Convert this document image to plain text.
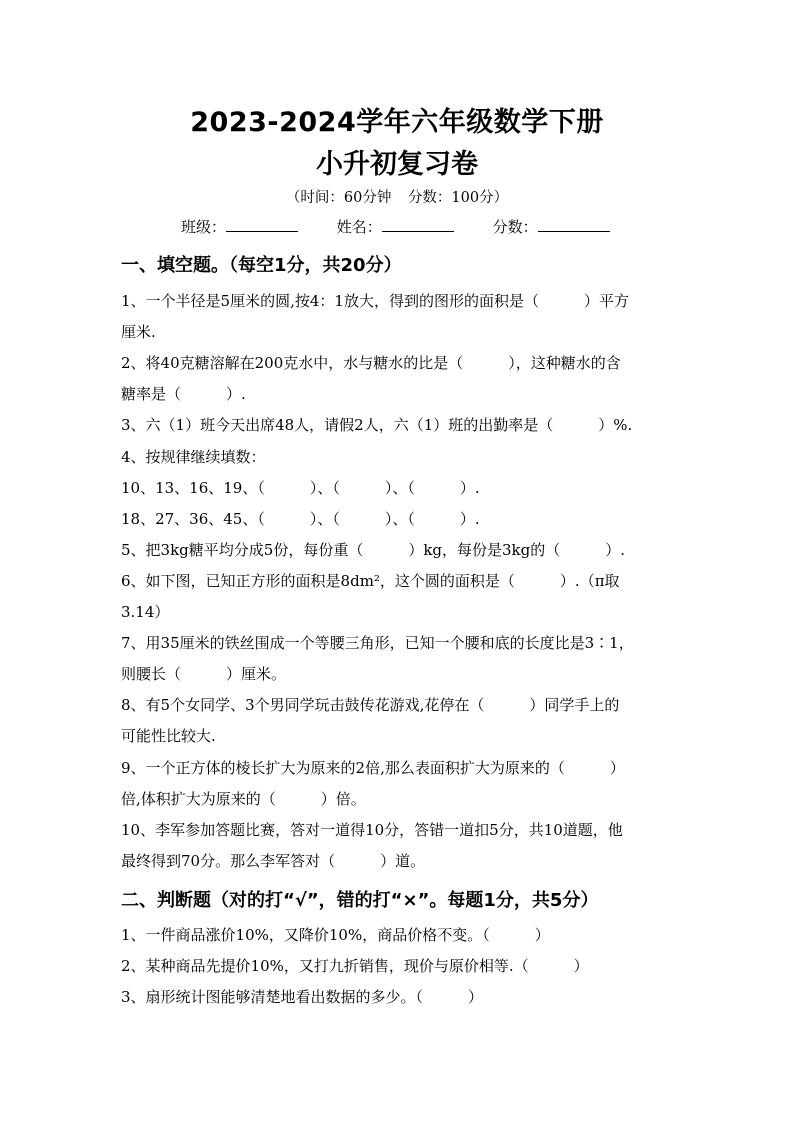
2023-2024学年六年级数学下册
小升初复习卷
（时间：60分钟 分数：100分）
班级：	姓名：	分数：
一、填空题。（每空1分，共20分）
1、一个半径是5厘米的圆,按4：1放大，得到的图形的面积是（　　　）平方
厘米.
2、将40克糖溶解在200克水中，水与糖水的比是（　　　），这种糖水的含
糖率是（　　　）.
3、六（1）班今天出席48人，请假2人，六（1）班的出勤率是（　　　）%.
4、按规律继续填数：
10、13、16、19、（　　　）、（　　　）、（　　　）.
18、27、36、45、（　　　）、（　　　）、（　　　）.
5、把3kg糖平均分成5份，每份重（　　　）kg，每份是3kg的（　　　）.
6、如下图，已知正方形的面积是8dm²，这个圆的面积是（　　　）.（π取
3.14）
7、用35厘米的铁丝围成一个等腰三角形，已知一个腰和底的长度比是3∶1，
则腰长（　　　）厘米。
8、有5个女同学、3个男同学玩击鼓传花游戏,花停在（　　　）同学手上的
可能性比较大.
9、一个正方体的棱长扩大为原来的2倍,那么表面积扩大为原来的（　　　）
倍,体积扩大为原来的（　　　）倍。
10、李军参加答题比赛，答对一道得10分，答错一道扣5分，共10道题，他
最终得到70分。那么李军答对（　　　）道。
二、判断题（对的打“√”，错的打“×”。每题1分，共5分）
1、一件商品涨价10%，又降价10%，商品价格不变。（　　　）
2、某种商品先提价10%，又打九折销售，现价与原价相等.（　　　）
3、扇形统计图能够清楚地看出数据的多少。（　　　）
